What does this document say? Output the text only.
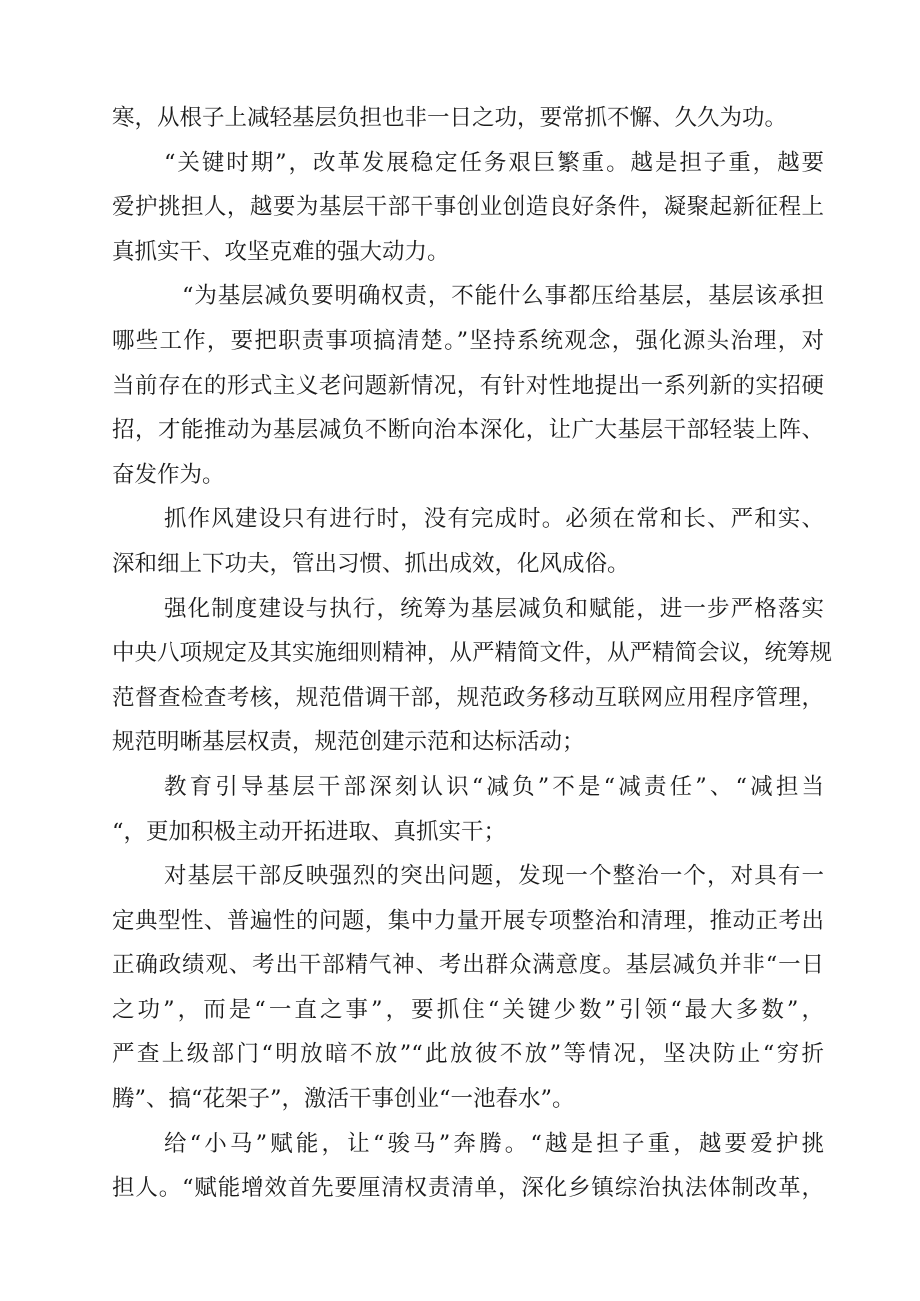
寒，从根子上减轻基层负担也非一日之功，要常抓不懈、久久为功。

“关键时期”，改革发展稳定任务艰巨繁重。越是担子重，越要
爱护挑担人，越要为基层干部干事创业创造良好条件，凝聚起新征程上
真抓实干、攻坚克难的强大动力。

“为基层减负要明确权责，不能什么事都压给基层，基层该承担
哪些工作，要把职责事项搞清楚。”坚持系统观念，强化源头治理，对
当前存在的形式主义老问题新情况，有针对性地提出一系列新的实招硬
招，才能推动为基层减负不断向治本深化，让广大基层干部轻装上阵、
奋发作为。

抓作风建设只有进行时，没有完成时。必须在常和长、严和实、
深和细上下功夫，管出习惯、抓出成效，化风成俗。

强化制度建设与执行，统筹为基层减负和赋能，进一步严格落实
中央八项规定及其实施细则精神，从严精简文件，从严精简会议，统筹规
范督查检查考核，规范借调干部，规范政务移动互联网应用程序管理，
规范明晰基层权责，规范创建示范和达标活动；

教育引导基层干部深刻认识“减负”不是“减责任”、“减担当
“，更加积极主动开拓进取、真抓实干；

对基层干部反映强烈的突出问题，发现一个整治一个，对具有一
定典型性、普遍性的问题，集中力量开展专项整治和清理，推动正考出
正确政绩观、考出干部精气神、考出群众满意度。基层减负并非“一日
之功”，而是“一直之事”，要抓住“关键少数”引领“最大多数”，
严查上级部门“明放暗不放”“此放彼不放”等情况，坚决防止“穷折
腾”、搞“花架子”，激活干事创业“一池春水”。

给“小马”赋能，让“骏马”奔腾。“越是担子重，越要爱护挑
担人。“赋能增效首先要厘清权责清单，深化乡镇综治执法体制改革，
